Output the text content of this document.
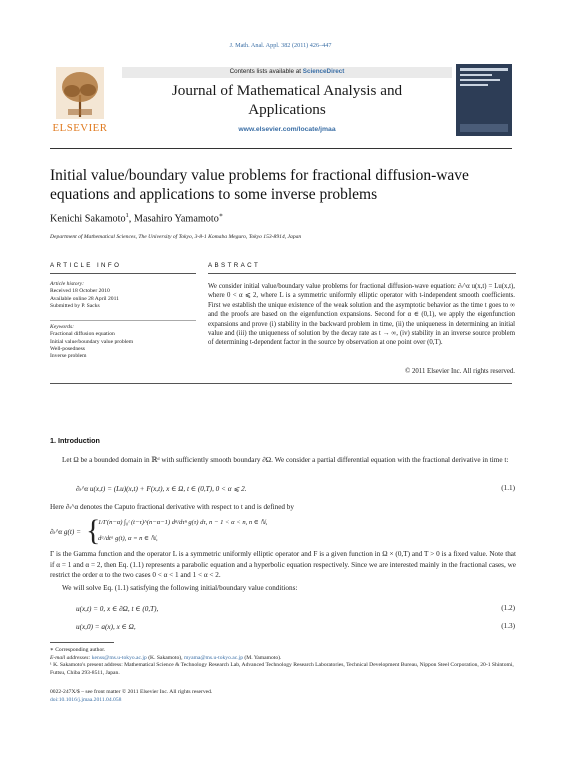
J. Math. Anal. Appl. 382 (2011) 426–447
Contents lists available at ScienceDirect
Journal of Mathematical Analysis and
Applications
www.elsevier.com/locate/jmaa
ELSEVIER
Initial value/boundary value problems for fractional diffusion-wave
equations and applications to some inverse problems
Kenichi Sakamoto$^1$, Masahiro Yamamoto∗
Department of Mathematical Sciences, The University of Tokyo, 3-8-1 Komaba Meguro, Tokyo 153-8914, Japan
ARTICLE INFO	ABSTRACT
Article history:
Received 18 October 2010
Available online 28 April 2011
Submitted by P. Sacks
Keywords:
Fractional diffusion equation
Initial value/boundary value problem
Well-posedness
Inverse problem
We consider initial value/boundary value problems for fractional diffusion-wave equation: ∂ₜ^α u(x,t) = Lu(x,t), where 0 < α ⩽ 2, where L is a symmetric uniformly elliptic operator with t-independent smooth coefficients. First we establish the unique existence of the weak solution and the asymptotic behavior as the time t goes to ∞ and the proofs are based on the eigenfunction expansions. Second for α ∈ (0,1), we apply the eigenfunction expansions and prove (i) stability in the backward problem in time, (ii) the uniqueness in determining an initial value and (iii) the uniqueness of solution by the decay rate as t → ∞, (iv) stability in an inverse source problem of determining t-dependent factor in the source by observation at one point over (0,T).
© 2011 Elsevier Inc. All rights reserved.
1. Introduction
Let Ω be a bounded domain in ℝᵈ with sufficiently smooth boundary ∂Ω. We consider a partial differential equation with the fractional derivative in time t:
∂ₜ^α u(x,t) = (Lu)(x,t) + F(x,t), x ∈ Ω, t ∈ (0,T), 0 < α ⩽ 2.	(1.1)
Here ∂ₜ^α denotes the Caputo fractional derivative with respect to t and is defined by
∂ₜ^α g(t) = {
1/Γ(n−α) ∫₀ᵗ (t−τ)^(n−α−1) dⁿ/dτⁿ g(τ) dτ, n − 1 < α < n, n ∈ ℕ,
dᵅ/dtᵅ g(t), α = n ∈ ℕ,
Γ is the Gamma function and the operator L is a symmetric uniformly elliptic operator and F is a given function in Ω × (0,T) and T > 0 is a fixed value. Note that if α = 1 and α = 2, then Eq. (1.1) represents a parabolic equation and a hyperbolic equation respectively. Since we are interested mainly in the fractional cases, we restrict the order α to the two cases 0 < α < 1 and 1 < α < 2.
We will solve Eq. (1.1) satisfying the following initial/boundary value conditions:
u(x,t) = 0, x ∈ ∂Ω, t ∈ (0,T),	(1.2)
u(x,0) = a(x), x ∈ Ω,	(1.3)
∗ Corresponding author.
E-mail addresses: kenss@ms.u-tokyo.ac.jp (K. Sakamoto), myama@ms.u-tokyo.ac.jp (M. Yamamoto).
¹ K. Sakamoto's present address: Mathematical Science & Technology Research Lab, Advanced Technology Research Laboratories, Technical Development Bureau, Nippon Steel Corporation, 20-1 Shintomi, Futtsu, Chiba 293-8511, Japan.
0022-247X/$ – see front matter © 2011 Elsevier Inc. All rights reserved.
doi:10.1016/j.jmaa.2011.04.058
